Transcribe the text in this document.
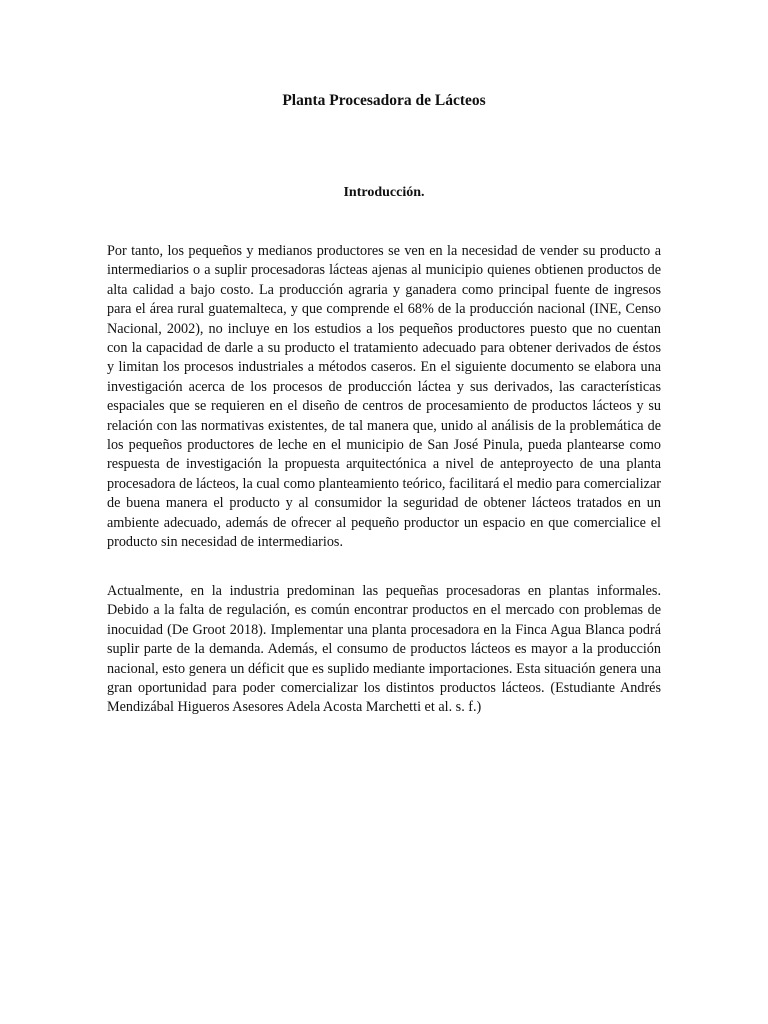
Planta Procesadora de Lácteos
Introducción.

Por tanto, los pequeños y medianos productores se ven en la necesidad de vender su producto a intermediarios o a suplir procesadoras lácteas ajenas al municipio quienes obtienen productos de alta calidad a bajo costo. La producción agraria y ganadera como principal fuente de ingresos para el área rural guatemalteca, y que comprende el 68% de la producción nacional (INE, Censo Nacional, 2002), no incluye en los estudios a los pequeños productores puesto que no cuentan con la capacidad de darle a su producto el tratamiento adecuado para obtener derivados de éstos y limitan los procesos industriales a métodos caseros. En el siguiente documento se elabora una investigación acerca de los procesos de producción láctea y sus derivados, las características espaciales que se requieren en el diseño de centros de procesamiento de productos lácteos y su relación con las normativas existentes, de tal manera que, unido al análisis de la problemática de los pequeños productores de leche en el municipio de San José Pinula, pueda plantearse como respuesta de investigación la propuesta arquitectónica a nivel de anteproyecto de una planta procesadora de lácteos, la cual como planteamiento teórico, facilitará el medio para comercializar de buena manera el producto y al consumidor la seguridad de obtener lácteos tratados en un ambiente adecuado, además de ofrecer al pequeño productor un espacio en que comercialice el producto sin necesidad de intermediarios.

Actualmente, en la industria predominan las pequeñas procesadoras en plantas informales. Debido a la falta de regulación, es común encontrar productos en el mercado con problemas de inocuidad (De Groot 2018). Implementar una planta procesadora en la Finca Agua Blanca podrá suplir parte de la demanda. Además, el consumo de productos lácteos es mayor a la producción nacional, esto genera un déficit que es suplido mediante importaciones. Esta situación genera una gran oportunidad para poder comercializar los distintos productos lácteos. (Estudiante Andrés Mendizábal Higueros Asesores Adela Acosta Marchetti et al. s. f.)
